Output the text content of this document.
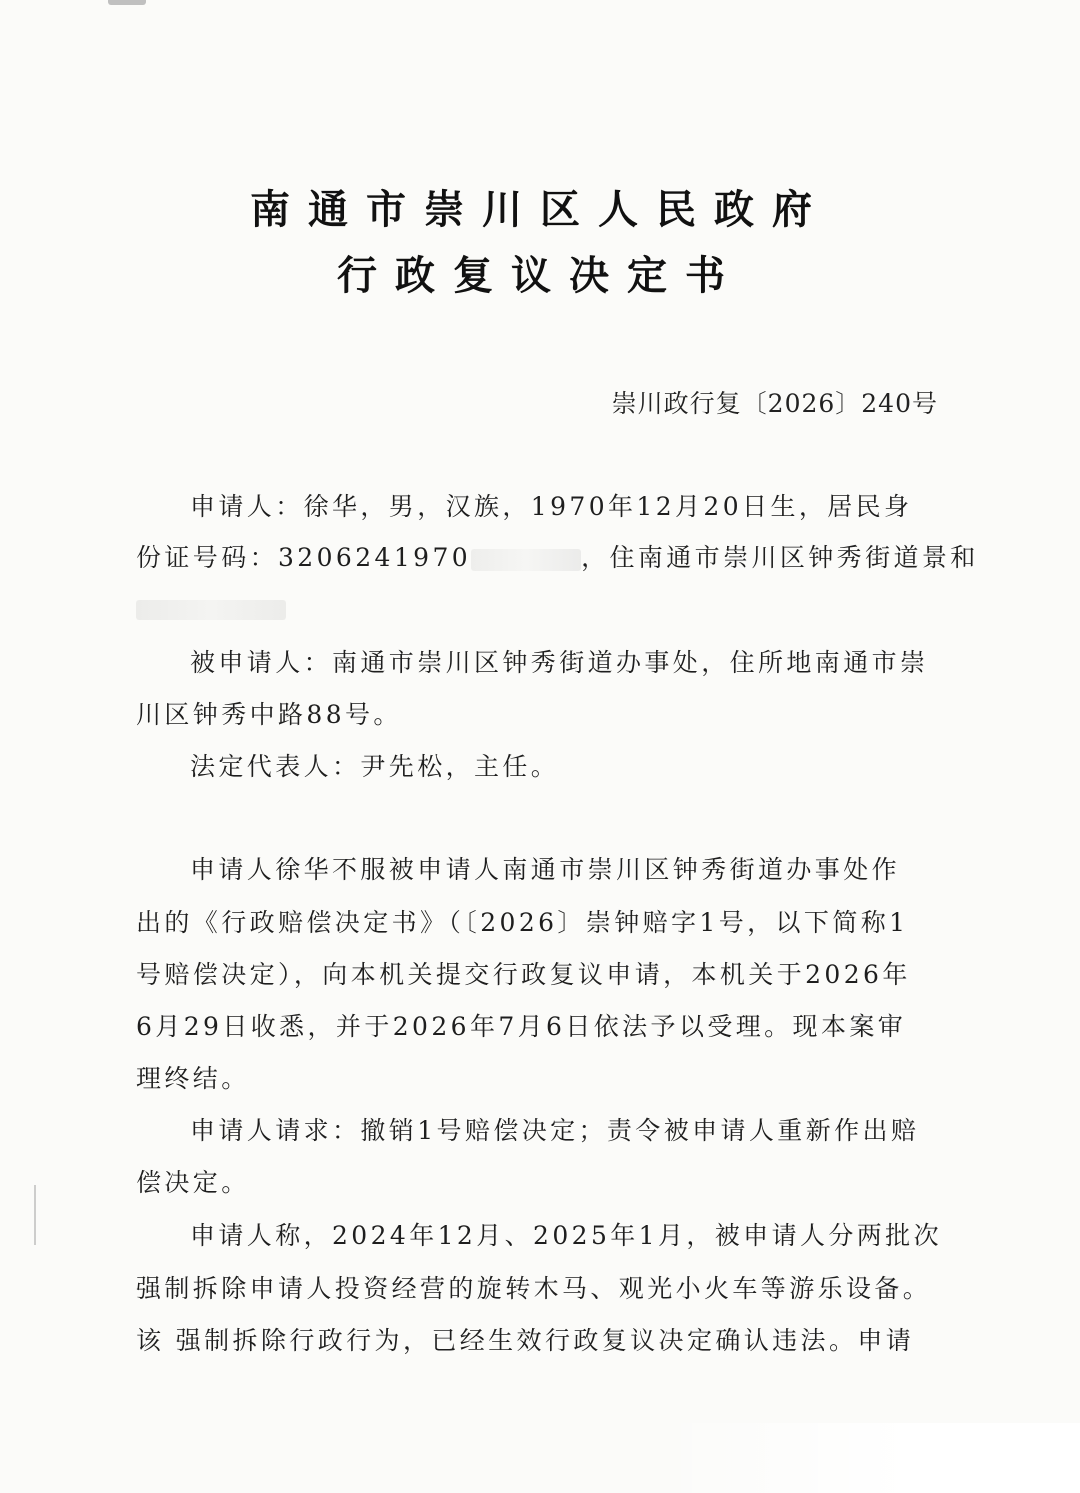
南通市崇川区人民政府
行政复议决定书
崇川政行复〔2026〕240号
申请人：徐华，男，汉族，1970年12月20日生，居民身
份证号码：3206241970	，住南通市崇川区钟秀街道景和
被申请人：南通市崇川区钟秀街道办事处，住所地南通市崇
川区钟秀中路88号。
法定代表人：尹先松，主任。
申请人徐华不服被申请人南通市崇川区钟秀街道办事处作
出的《行政赔偿决定书》（〔2026〕崇钟赔字1号，以下简称1
号赔偿决定），向本机关提交行政复议申请，本机关于2026年
6月29日收悉，并于2026年7月6日依法予以受理。现本案审
理终结。
申请人请求：撤销1号赔偿决定；责令被申请人重新作出赔
偿决定。
申请人称，2024年12月、2025年1月，被申请人分两批次
强制拆除申请人投资经营的旋转木马、观光小火车等游乐设备。
该 强制拆除行政行为，已经生效行政复议决定确认违法。申请
